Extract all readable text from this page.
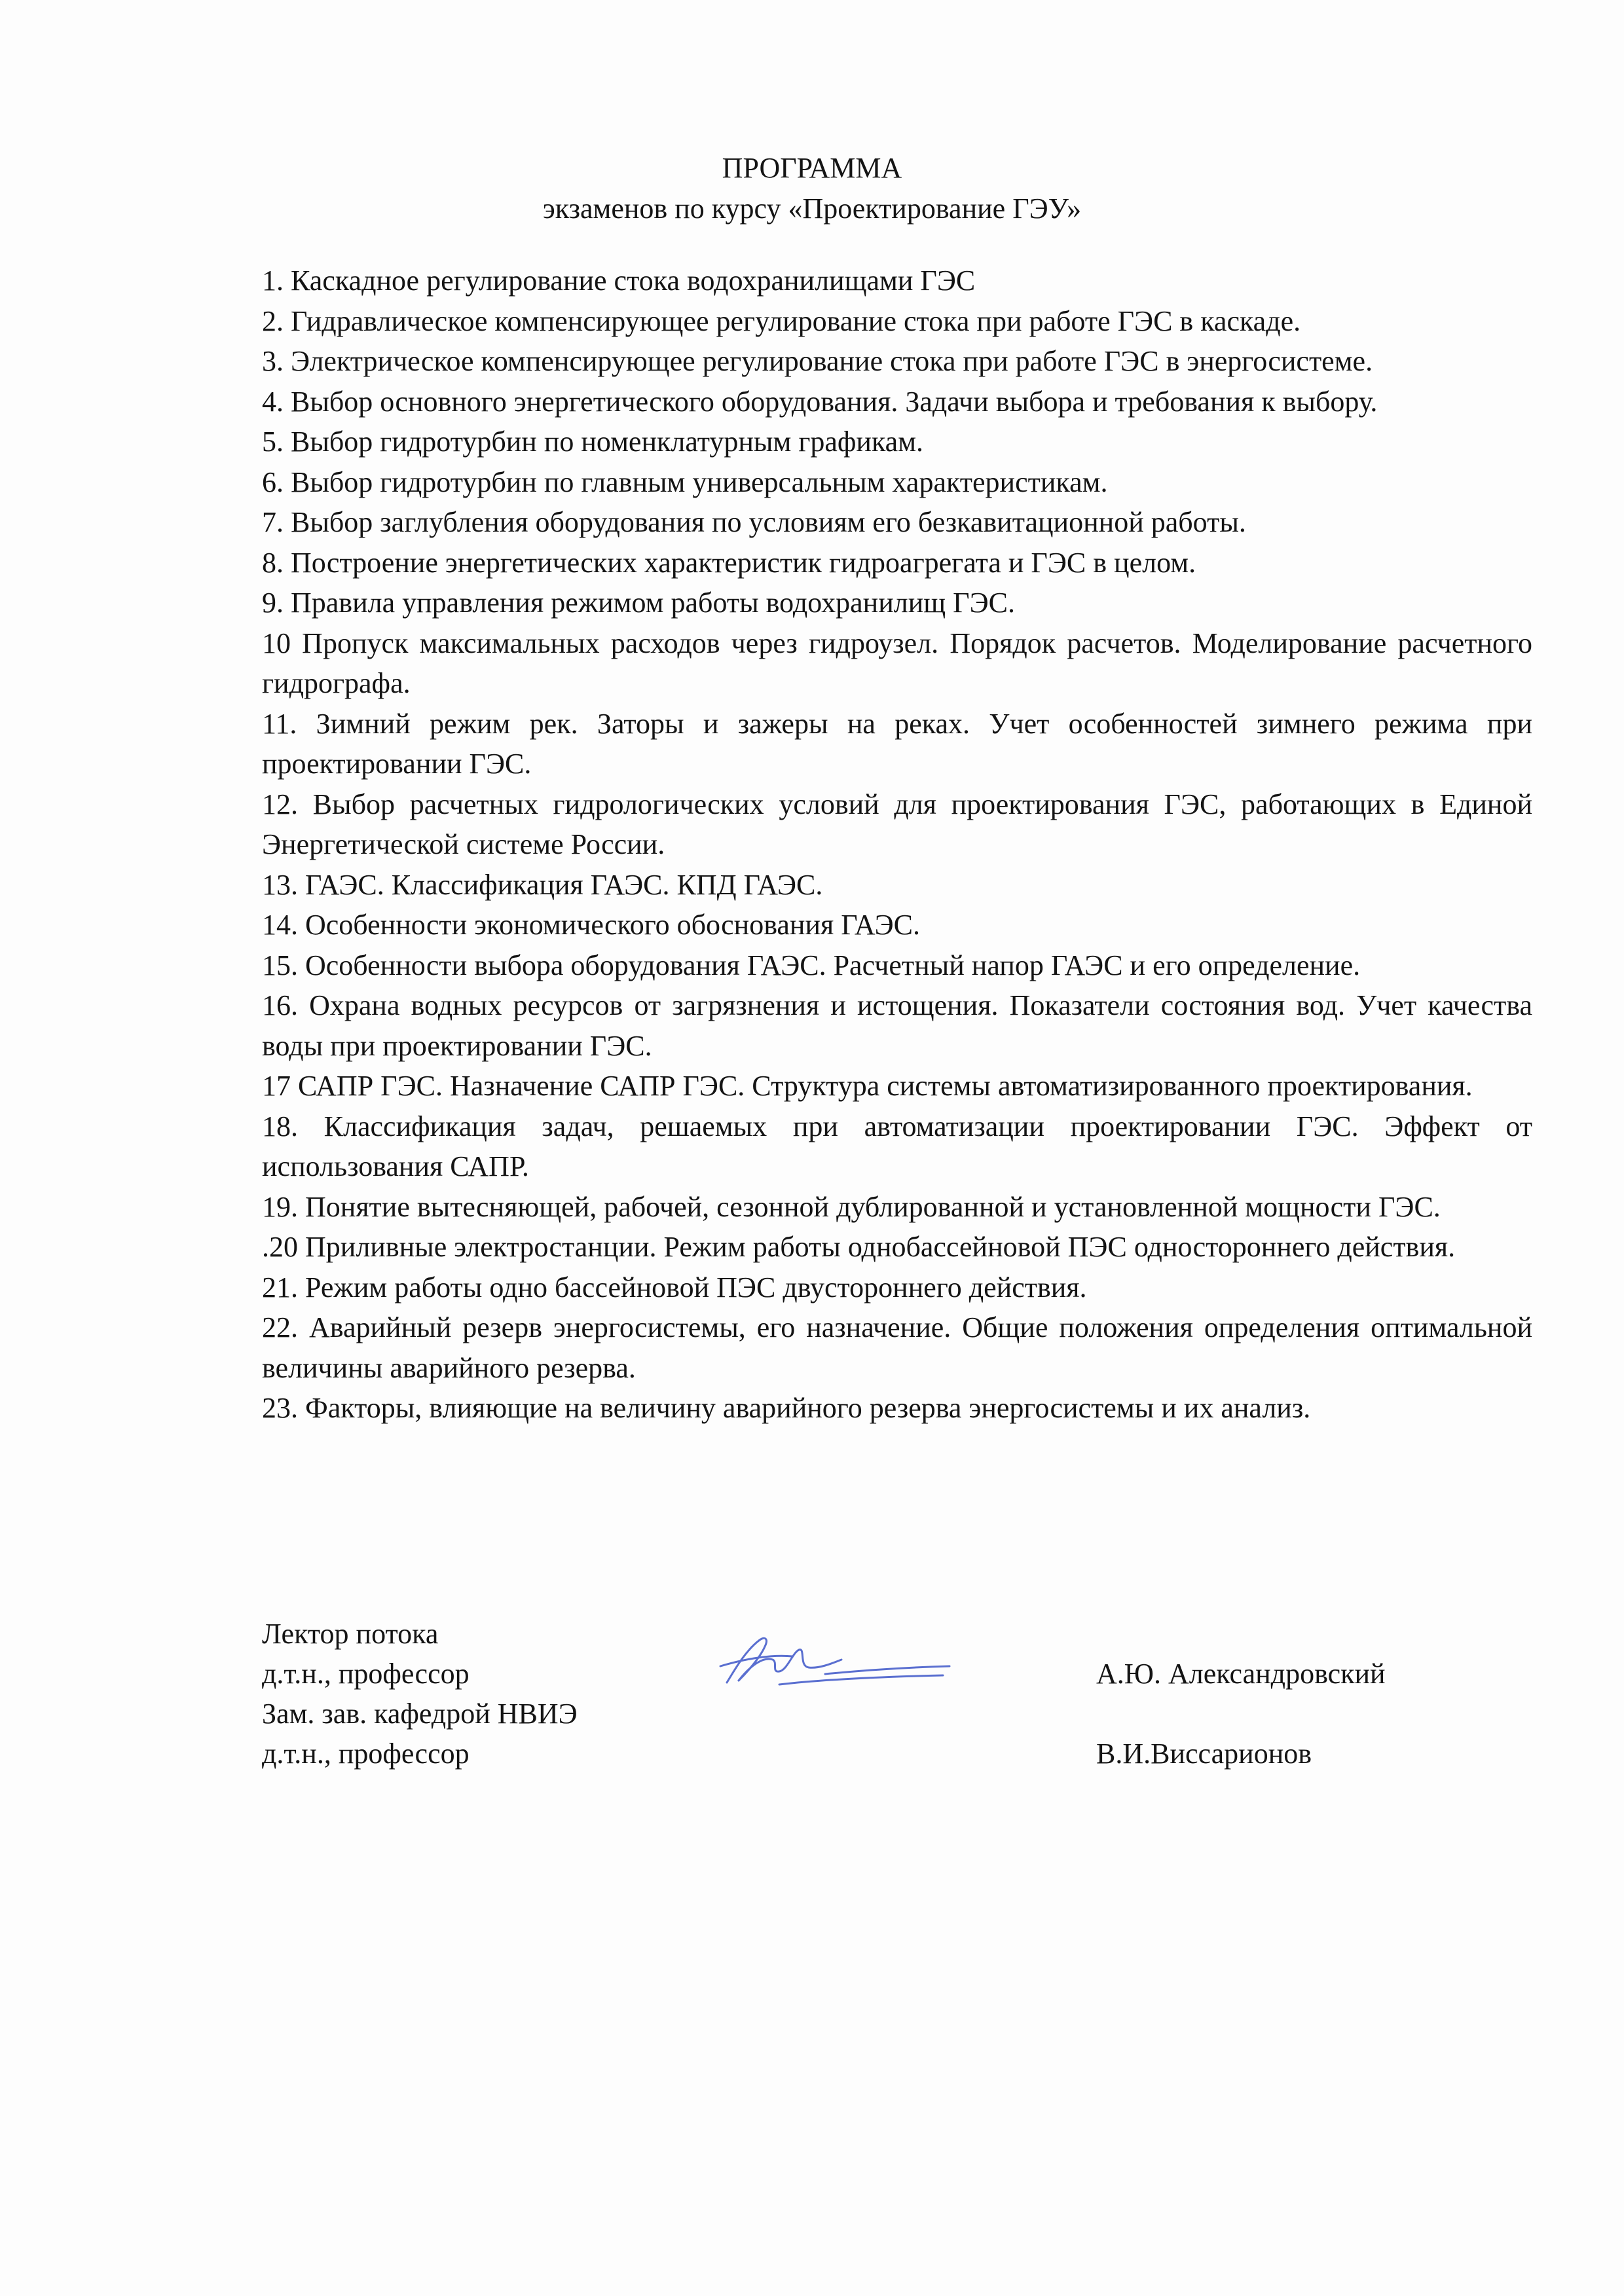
ПРОГРАММА
экзаменов по курсу «Проектирование ГЭУ»
1. Каскадное регулирование стока водохранилищами ГЭС
2. Гидравлическое компенсирующее регулирование стока при работе ГЭС в каскаде.
3. Электрическое компенсирующее регулирование стока при работе ГЭС в энергосистеме.
4. Выбор основного энергетического оборудования. Задачи выбора и требования к выбору.
5. Выбор гидротурбин по номенклатурным графикам.
6. Выбор гидротурбин по главным универсальным характеристикам.
7. Выбор заглубления оборудования по условиям его безкавитационной работы.
8. Построение энергетических характеристик гидроагрегата и ГЭС в целом.
9. Правила управления режимом работы водохранилищ ГЭС.
10 Пропуск максимальных расходов через гидроузел. Порядок расчетов. Моделирование расчетного гидрографа.
11. Зимний режим рек. Заторы и зажеры на реках. Учет особенностей зимнего режима при проектировании ГЭС.
12. Выбор расчетных гидрологических условий для проектирования ГЭС, работающих в Единой Энергетической системе России.
13. ГАЭС. Классификация ГАЭС. КПД ГАЭС.
14. Особенности экономического обоснования ГАЭС.
15. Особенности выбора оборудования ГАЭС. Расчетный напор ГАЭС и его определение.
16. Охрана водных ресурсов от загрязнения и истощения. Показатели состояния вод. Учет качества воды при проектировании ГЭС.
17 САПР ГЭС. Назначение САПР ГЭС. Структура системы автоматизированного проектирования.
18. Классификация задач, решаемых при автоматизации проектировании ГЭС. Эффект от использования САПР.
19. Понятие вытесняющей, рабочей, сезонной дублированной и установленной мощности ГЭС.
.20 Приливные электростанции. Режим работы однобассейновой ПЭС одностороннего действия.
21. Режим работы одно бассейновой ПЭС двустороннего действия.
22. Аварийный резерв энергосистемы, его назначение. Общие положения определения оптимальной величины аварийного резерва.
23. Факторы, влияющие на величину аварийного резерва энергосистемы и их анализ.
Лектор потока
д.т.н., профессор
Зам. зав. кафедрой НВИЭ
д.т.н., профессор
А.Ю. Александровский
В.И.Виссарионов
